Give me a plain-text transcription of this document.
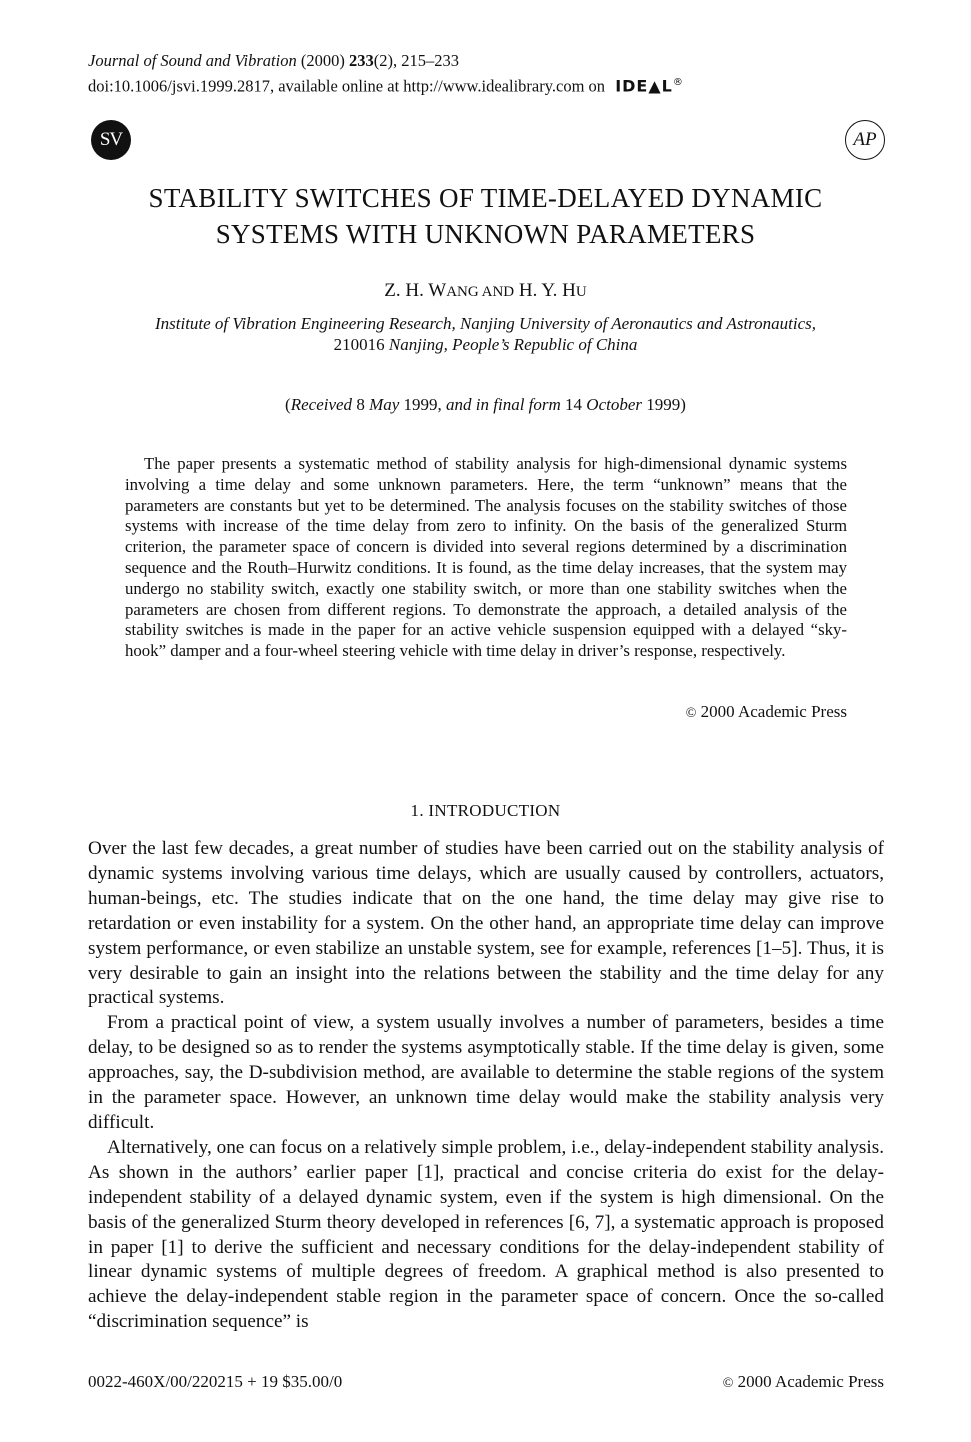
Journal of Sound and Vibration (2000) 233(2), 215–233
doi:10.1006/jsvi.1999.2817, available online at http://www.idealibrary.com on IDE▲L®
SV	AP
STABILITY SWITCHES OF TIME-DELAYED DYNAMIC
SYSTEMS WITH UNKNOWN PARAMETERS
Z. H. WANG AND H. Y. HU
Institute of Vibration Engineering Research, Nanjing University of Aeronautics and Astronautics,
210016 Nanjing, People’s Republic of China
(Received 8 May 1999, and in final form 14 October 1999)
The paper presents a systematic method of stability analysis for high-dimensional dynamic systems involving a time delay and some unknown parameters. Here, the term “unknown” means that the parameters are constants but yet to be determined. The analysis focuses on the stability switches of those systems with increase of the time delay from zero to infinity. On the basis of the generalized Sturm criterion, the parameter space of concern is divided into several regions determined by a discrimination sequence and the Routh–Hurwitz conditions. It is found, as the time delay increases, that the system may undergo no stability switch, exactly one stability switch, or more than one stability switches when the parameters are chosen from different regions. To demonstrate the approach, a detailed analysis of the stability switches is made in the paper for an active vehicle suspension equipped with a delayed “sky-hook” damper and a four-wheel steering vehicle with time delay in driver’s response, respectively.
© 2000 Academic Press
1. INTRODUCTION

Over the last few decades, a great number of studies have been carried out on the stability analysis of dynamic systems involving various time delays, which are usually caused by controllers, actuators, human-beings, etc. The studies indicate that on the one hand, the time delay may give rise to retardation or even instability for a system. On the other hand, an appropriate time delay can improve system performance, or even stabilize an unstable system, see for example, references [1–5]. Thus, it is very desirable to gain an insight into the relations between the stability and the time delay for any practical systems.

From a practical point of view, a system usually involves a number of parameters, besides a time delay, to be designed so as to render the systems asymptotically stable. If the time delay is given, some approaches, say, the D-subdivision method, are available to determine the stable regions of the system in the parameter space. However, an unknown time delay would make the stability analysis very difficult.

Alternatively, one can focus on a relatively simple problem, i.e., delay-independent stability analysis. As shown in the authors’ earlier paper [1], practical and concise criteria do exist for the delay-independent stability of a delayed dynamic system, even if the system is high dimensional. On the basis of the generalized Sturm theory developed in references [6, 7], a systematic approach is proposed in paper [1] to derive the sufficient and necessary conditions for the delay-independent stability of linear dynamic systems of multiple degrees of freedom. A graphical method is also presented to achieve the delay-independent stable region in the parameter space of concern. Once the so-called “discrimination sequence” is

0022-460X/00/220215 + 19 $35.00/0	© 2000 Academic Press
